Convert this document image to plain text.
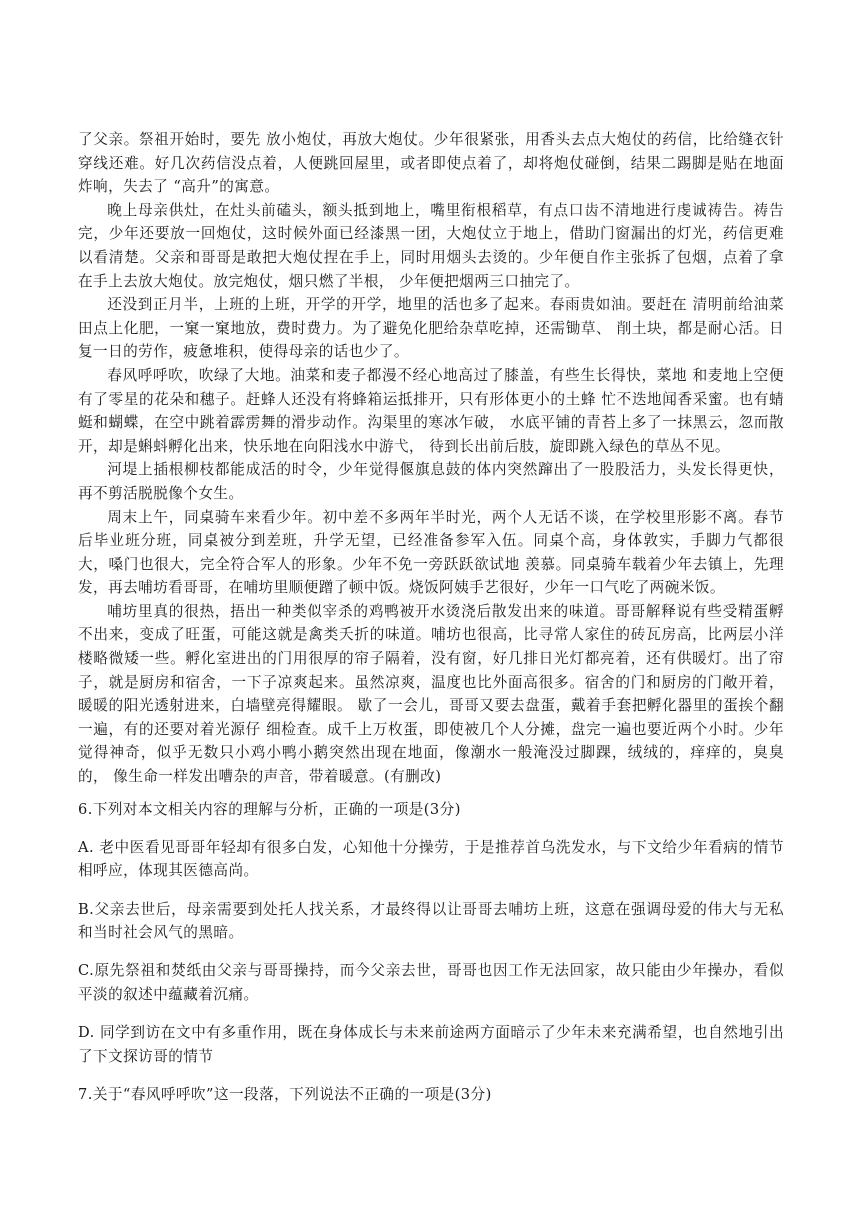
了父亲。祭祖开始时，要先 放小炮仗，再放大炮仗。少年很紧张，用香头去点大炮仗的药信，比给缝衣针穿线还难。好几次药信没点着，人便跳回屋里，或者即使点着了，却将炮仗碰倒，结果二踢脚是贴在地面炸响，失去了 “高升”的寓意。

晚上母亲供灶，在灶头前磕头，额头抵到地上，嘴里衔根稻草，有点口齿不清地进行虔诚祷告。祷告完，少年还要放一回炮仗，这时候外面已经漆黑一团，大炮仗立于地上，借助门窗漏出的灯光，药信更难以看清楚。父亲和哥哥是敢把大炮仗捏在手上，同时用烟头去烫的。少年便自作主张拆了包烟，点着了拿在手上去放大炮仗。放完炮仗，烟只燃了半根， 少年便把烟两三口抽完了。

还没到正月半，上班的上班，开学的开学，地里的活也多了起来。春雨贵如油。要赶在 清明前给油菜田点上化肥，一窠一窠地放，费时费力。为了避免化肥给杂草吃掉，还需锄草、 削土块，都是耐心活。日复一日的劳作，疲惫堆积，使得母亲的话也少了。

春风呼呼吹，吹绿了大地。油菜和麦子都漫不经心地高过了膝盖，有些生长得快，菜地 和麦地上空便有了零星的花朵和穗子。赶蜂人还没有将蜂箱运抵排开，只有形体更小的土蜂 忙不迭地闻香采蜜。也有蜻蜓和蝴蝶，在空中跳着霹雳舞的滑步动作。沟渠里的寒冰乍破， 水底平铺的青苔上多了一抹黑云，忽而散开，却是蝌蚪孵化出来，快乐地在向阳浅水中游弋， 待到长出前后肢，旋即跳入绿色的草丛不见。

河堤上插根柳枝都能成活的时令，少年觉得偃旗息鼓的体内突然蹿出了一股股活力，头发长得更快，再不剪活脱脱像个女生。

周末上午，同桌骑车来看少年。初中差不多两年半时光，两个人无话不谈，在学校里形影不离。春节后毕业班分班，同桌被分到差班，升学无望，已经准备参军入伍。同桌个高，身体敦实，手脚力气都很大，嗓门也很大，完全符合军人的形象。少年不免一旁跃跃欲试地 羡慕。同桌骑车载着少年去镇上，先理发，再去哺坊看哥哥，在哺坊里顺便蹭了顿中饭。烧饭阿姨手艺很好，少年一口气吃了两碗米饭。

哺坊里真的很热，捂出一种类似宰杀的鸡鸭被开水烫浇后散发出来的味道。哥哥解释说有些受精蛋孵不出来，变成了旺蛋，可能这就是禽类夭折的味道。哺坊也很高，比寻常人家住的砖瓦房高，比两层小洋楼略微矮一些。孵化室进出的门用很厚的帘子隔着，没有窗，好几排日光灯都亮着，还有供暖灯。出了帘子，就是厨房和宿舍，一下子凉爽起来。虽然凉爽，温度也比外面高很多。宿舍的门和厨房的门敞开着，暖暖的阳光透射进来，白墙壁亮得耀眼。 歇了一会儿，哥哥又要去盘蛋，戴着手套把孵化器里的蛋挨个翻一遍，有的还要对着光源仔 细检查。成千上万枚蛋，即使被几个人分摊，盘完一遍也要近两个小时。少年觉得神奇，似乎无数只小鸡小鸭小鹅突然出现在地面，像潮水一般淹没过脚踝，绒绒的，痒痒的，臭臭的， 像生命一样发出嘈杂的声音，带着暖意。(有删改)

6.下列对本文相关内容的理解与分析，正确的一项是(3分)

A. 老中医看见哥哥年轻却有很多白发，心知他十分操劳，于是推荐首乌洗发水，与下文给少年看病的情节相呼应，体现其医德高尚。

B.父亲去世后，母亲需要到处托人找关系，才最终得以让哥哥去哺坊上班，这意在强调母爱的伟大与无私和当时社会风气的黑暗。

C.原先祭祖和焚纸由父亲与哥哥操持，而今父亲去世，哥哥也因工作无法回家，故只能由少年操办，看似平淡的叙述中蕴藏着沉痛。

D. 同学到访在文中有多重作用，既在身体成长与未来前途两方面暗示了少年未来充满希望，也自然地引出了下文探访哥的情节

7.关于“春风呼呼吹”这一段落，下列说法不正确的一项是(3分)
